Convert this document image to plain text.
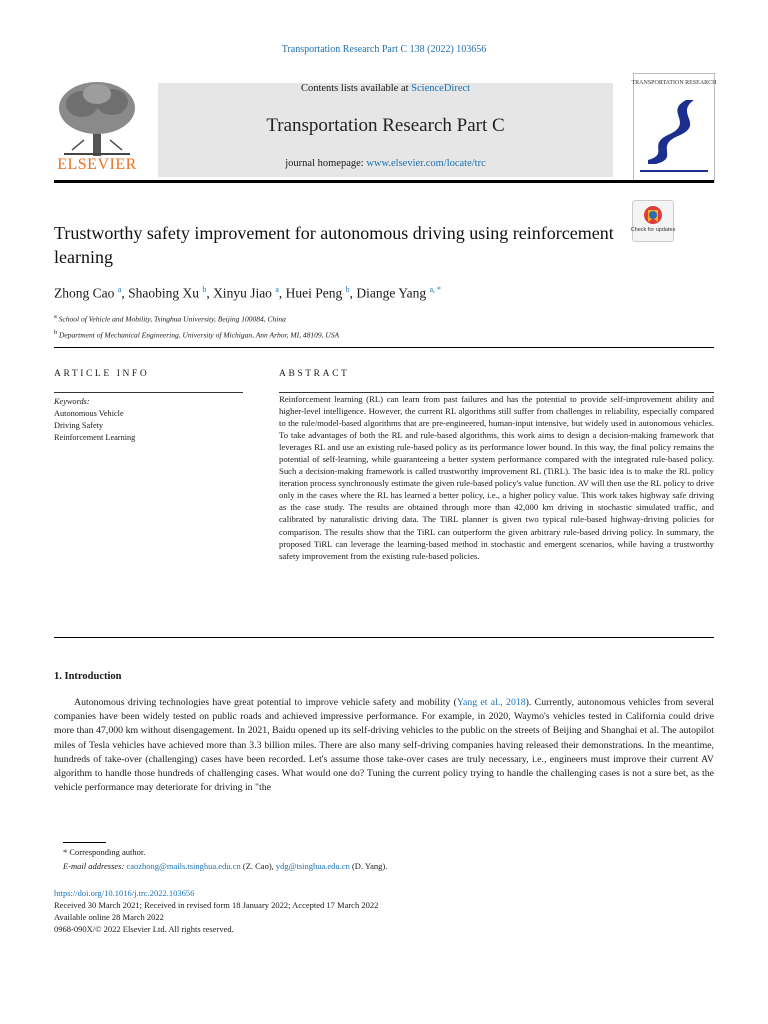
Transportation Research Part C 138 (2022) 103656
ELSEVIER
Contents lists available at ScienceDirect
Transportation Research Part C
journal homepage: www.elsevier.com/locate/trc
TRANSPORTATION RESEARCH
Trustworthy safety improvement for autonomous driving using reinforcement learning
Check for updates
Zhong Cao $^a$, Shaobing Xu $^b$, Xinyu Jiao $^a$, Huei Peng $^b$, Diange Yang $^{a, *}$
$^a$ School of Vehicle and Mobility, Tsinghua University, Beijing 100084, China
$^b$ Department of Mechanical Engineering, University of Michigan, Ann Arbor, MI, 48109, USA
ARTICLE INFO	ABSTRACT
Keywords:
Autonomous Vehicle
Driving Safety
Reinforcement Learning
Reinforcement learning (RL) can learn from past failures and has the potential to provide self-improvement ability and higher-level intelligence. However, the current RL algorithms still suffer from challenges in reliability, especially compared to the rule/model-based algorithms that are pre-engineered, human-input intensive, but widely used in autonomous vehicles. To take advantages of both the RL and rule-based algorithms, this work aims to design a decision-making framework that leverages RL and use an existing rule-based policy as its performance lower bound. In this way, the final policy remains the potential of self-learning, while guaranteeing a better system performance compared with the integrated rule-based policy. Such a decision-making framework is called trustworthy improvement RL (TiRL). The basic idea is to make the RL policy iteration process synchronously estimate the given rule-based policy's value function. AV will then use the RL policy to drive only in the cases where the RL has learned a better policy, i.e., a higher policy value. This work takes highway safe driving as the case study. The results are obtained through more than 42,000 km driving in stochastic simulated traffic, and calibrated by naturalistic driving data. The TiRL planner is given two typical rule-based highway-driving policies for comparison. The results show that the TiRL can outperform the given arbitrary rule-based driving policy. In summary, the proposed TiRL can leverage the learning-based method in stochastic and emergent scenarios, while having a trustworthy safety improvement from the existing rule-based policies.
1. Introduction
Autonomous driving technologies have great potential to improve vehicle safety and mobility (Yang et al., 2018). Currently, autonomous vehicles from several companies have been widely tested on public roads and achieved impressive performance. For example, in 2020, Waymo's vehicles tested in California could drive more than 47,000 km without disengagement. In 2021, Baidu opened up its self-driving vehicles to the public on the streets of Beijing and Shanghai et al. The autopilot miles of Tesla vehicles have achieved more than 3.3 billion miles. There are also many self-driving companies having released their demonstrations. In the meantime, hundreds of take-over (challenging) cases have been recorded. Let's assume those take-over cases are truly necessary, i.e., engineers must improve their current AV algorithm to handle those hundreds of challenging cases. What would one do? Tuning the current policy trying to handle the challenging cases is not a sure bet, as the vehicle performance may deteriorate for driving in "the
* Corresponding author.
E-mail addresses: caozhong@mails.tsinghua.edu.cn (Z. Cao), ydg@tsinghua.edu.cn (D. Yang).
https://doi.org/10.1016/j.trc.2022.103656
Received 30 March 2021; Received in revised form 18 January 2022; Accepted 17 March 2022
Available online 28 March 2022
0968-090X/© 2022 Elsevier Ltd. All rights reserved.
